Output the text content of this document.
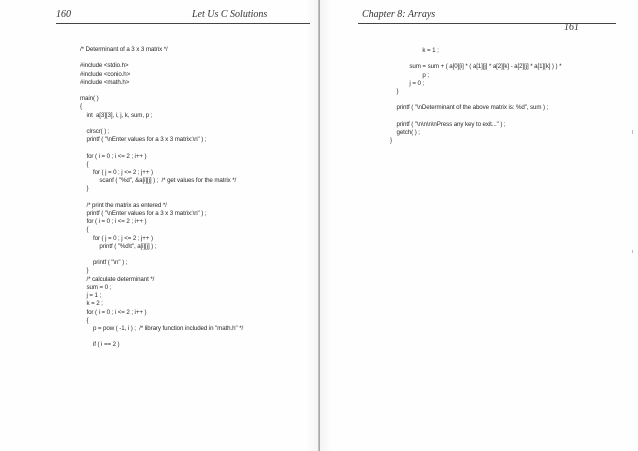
160	Let Us C Solutions	Chapter 8: Arrays
161
/* Determinant of a 3 x 3 matrix */

#include <stdio.h>
#include <conio.h>
#include <math.h>

main( )
{
int  a[3][3], i, j, k, sum, p ;

clrscr( ) ;
printf ( "\nEnter values for a 3 x 3 matrix:\n" ) ;

for ( i = 0 ; i <= 2 ; i++ )
{
for ( j = 0 ; j <= 2 ; j++ )
scanf ( "%d", &a[i][j] ) ;  /* get values for the matrix */
}

/* print the matrix as entered */
printf ( "\nEnter values for a 3 x 3 matrix:\n" ) ;
for ( i = 0 ; i <= 2 ; i++ )
{
for ( j = 0 ; j <= 2 ; j++ )
printf ( "%d\t", a[i][j] ) ;

printf ( "\n" ) ;
}
/* calculate determinant */
sum = 0 ;
j = 1 ;
k = 2 ;
for ( i = 0 ; i <= 2 ; i++ )
{
p = pow ( -1, i ) ;  /* library function included in "math.h" */

if ( i == 2 )
k = 1 ;

sum = sum + ( a[0][i] * ( a[1][j] * a[2][k] - a[2][j] * a[1][k] ) ) *
p ;
j = 0 ;
}

printf ( "\nDeterminant of the above matrix is: %d", sum ) ;

printf ( "\n\n\n\nPress any key to exit..." ) ;
getch( ) ;
}
